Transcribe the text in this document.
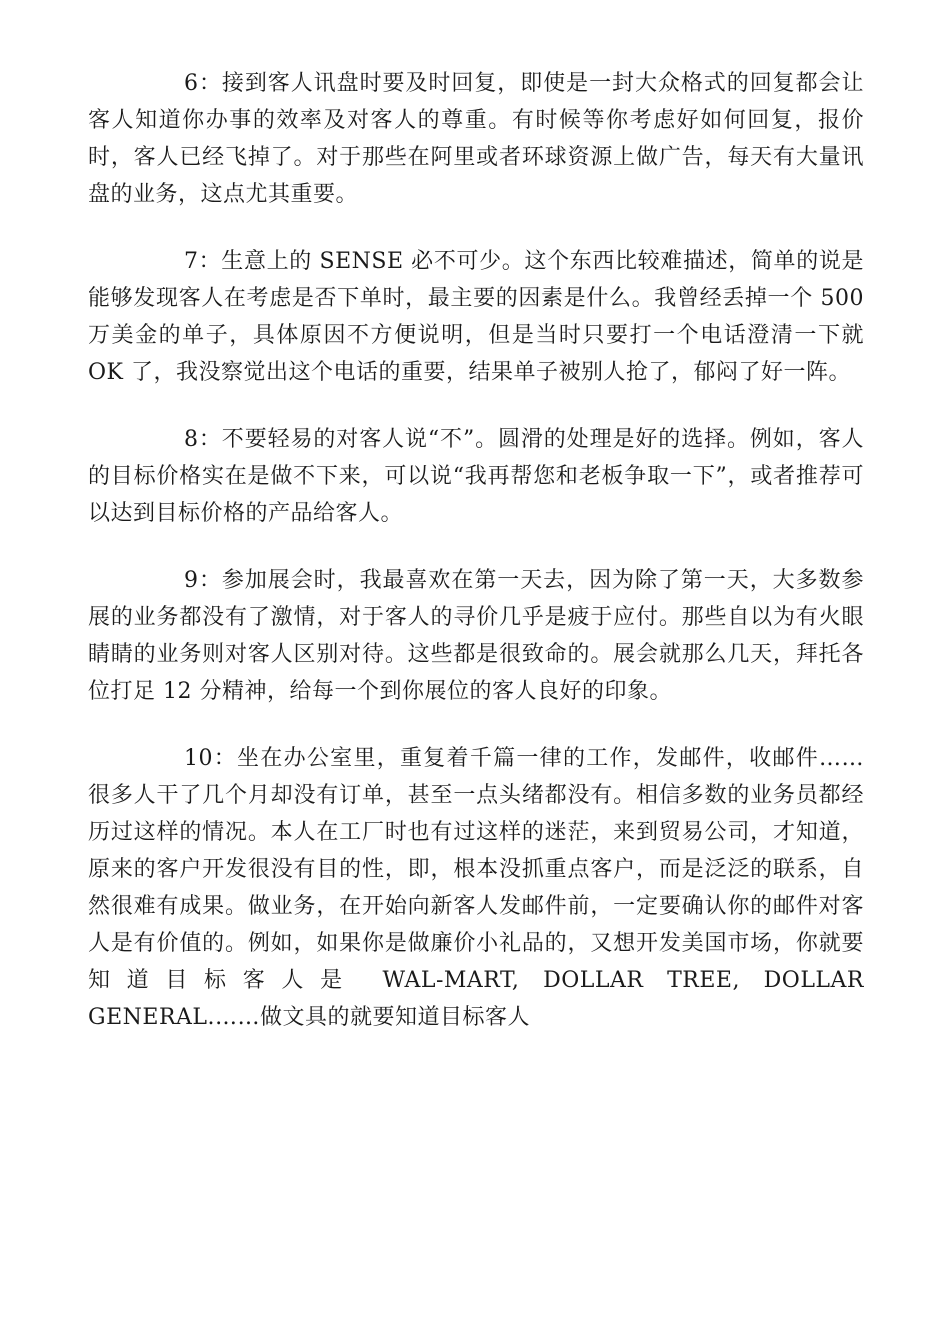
6：接到客人讯盘时要及时回复，即使是一封大众格式的回复都会让客人知道你办事的效率及对客人的尊重。有时候等你考虑好如何回复，报价时，客人已经飞掉了。对于那些在阿里或者环球资源上做广告，每天有大量讯盘的业务，这点尤其重要。

7：生意上的 SENSE 必不可少。这个东西比较难描述，简单的说是能够发现客人在考虑是否下单时，最主要的因素是什么。我曾经丢掉一个 500 万美金的单子，具体原因不方便说明，但是当时只要打一个电话澄清一下就 OK 了，我没察觉出这个电话的重要，结果单子被别人抢了，郁闷了好一阵。

8：不要轻易的对客人说“不”。圆滑的处理是好的选择。例如，客人的目标价格实在是做不下来，可以说“我再帮您和老板争取一下”，或者推荐可以达到目标价格的产品给客人。

9：参加展会时，我最喜欢在第一天去，因为除了第一天，大多数参展的业务都没有了激情，对于客人的寻价几乎是疲于应付。那些自以为有火眼睛睛的业务则对客人区别对待。这些都是很致命的。展会就那么几天，拜托各位打足 12 分精神，给每一个到你展位的客人良好的印象。

10：坐在办公室里，重复着千篇一律的工作，发邮件，收邮件……很多人干了几个月却没有订单，甚至一点头绪都没有。相信多数的业务员都经历过这样的情况。本人在工厂时也有过这样的迷茫，来到贸易公司，才知道，原来的客户开发很没有目的性，即，根本没抓重点客户，而是泛泛的联系，自然很难有成果。做业务，在开始向新客人发邮件前，一定要确认你的邮件对客人是有价值的。例如，如果你是做廉价小礼品的，又想开发美国市场，你就要知道目标客人是 WAL-MART, DOLLAR TREE, DOLLAR GENERAL.……做文具的就要知道目标客人
